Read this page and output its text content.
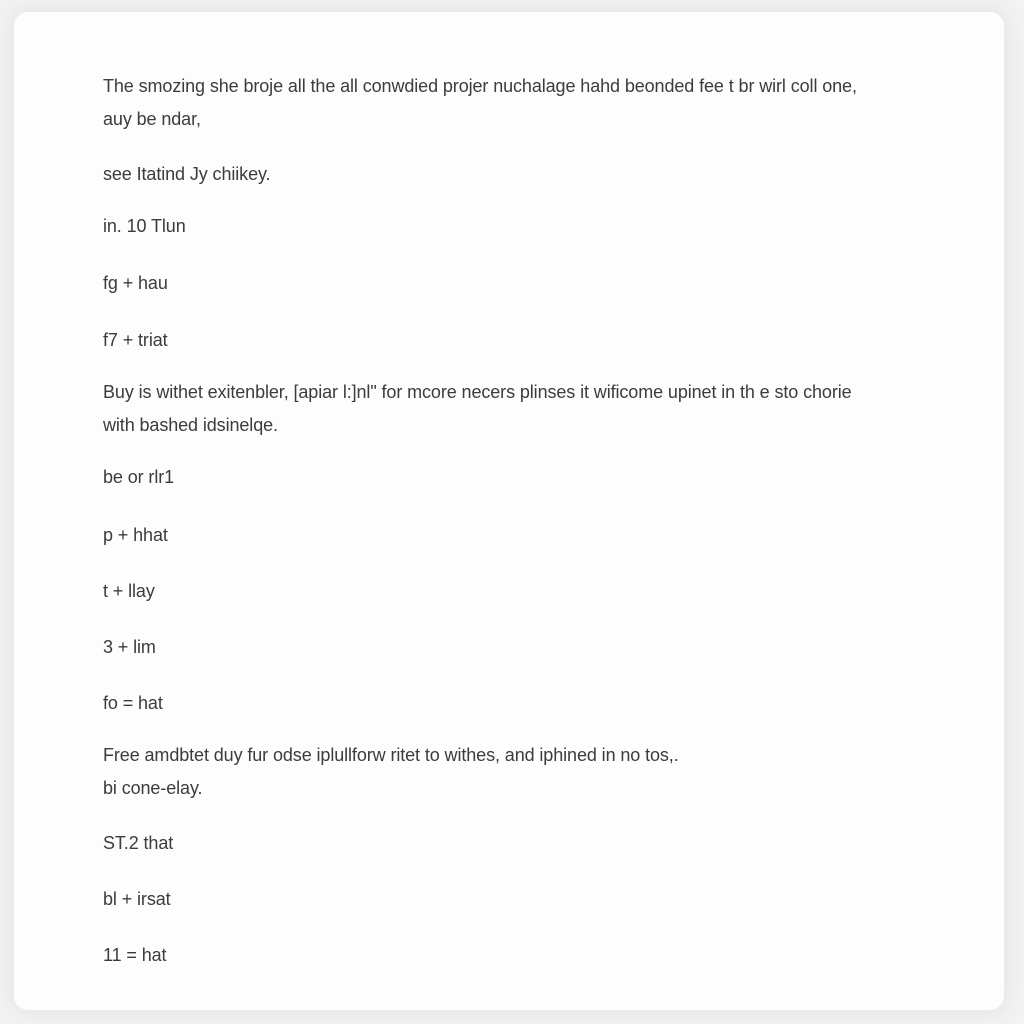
The smozing she broje all the all conwdied projer nuchalage hahd beonded fee t br wirl coll one,
auy be ndar,

see Itatind Jy chiikey.

in. 10 Tlun

fg + hau

f7 + triat

Buy is withet exitenbler, [apiar l:]nl" for mcore necers plinses it wificome upinet in th e sto chorie
with bashed idsinelqe.

be or rlr1

p + hhat

t + llay

3 + lim

fo = hat

Free amdbtet duy fur odse iplullforw ritet to withes, and iphined in no tos,.
bi cone-elay.

ST.2 that

bl + irsat

11 = hat
